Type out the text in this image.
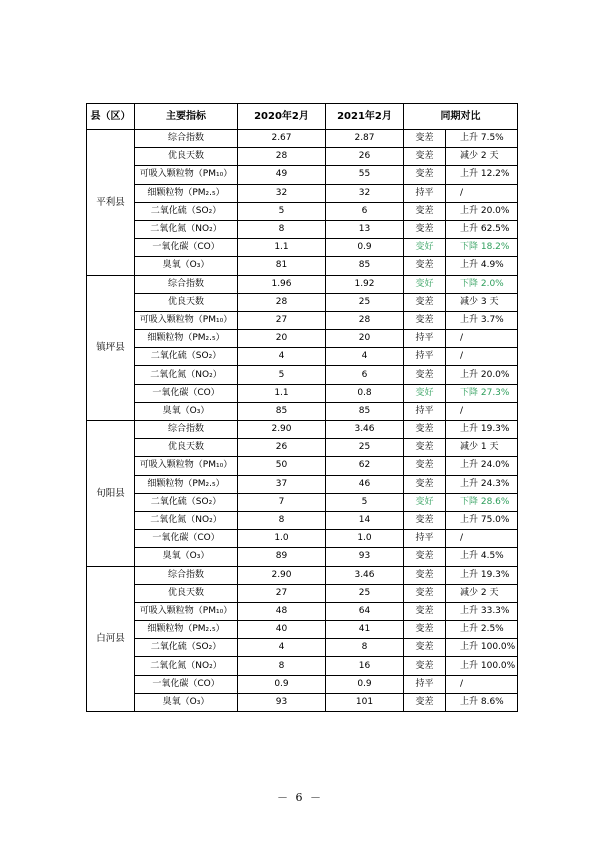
县（区）	主要指标	2020年2月	2021年2月	同期对比	
平利县	综合指数	2.67	2.87	变差	上升 7.5%
	优良天数	28	26	变差	减少 2 天
	可吸入颗粒物（PM₁₀）	49	55	变差	上升 12.2%
	细颗粒物（PM₂.₅）	32	32	持平	/
	二氧化硫（SO₂）	5	6	变差	上升 20.0%
	二氧化氮（NO₂）	8	13	变差	上升 62.5%
	一氧化碳（CO）	1.1	0.9	变好	下降 18.2%
	臭氧（O₃）	81	85	变差	上升 4.9%
镇坪县	综合指数	1.96	1.92	变好	下降 2.0%
	优良天数	28	25	变差	减少 3 天
	可吸入颗粒物（PM₁₀）	27	28	变差	上升 3.7%
	细颗粒物（PM₂.₅）	20	20	持平	/
	二氧化硫（SO₂）	4	4	持平	/
	二氧化氮（NO₂）	5	6	变差	上升 20.0%
	一氧化碳（CO）	1.1	0.8	变好	下降 27.3%
	臭氧（O₃）	85	85	持平	/
旬阳县	综合指数	2.90	3.46	变差	上升 19.3%
	优良天数	26	25	变差	减少 1 天
	可吸入颗粒物（PM₁₀）	50	62	变差	上升 24.0%
	细颗粒物（PM₂.₅）	37	46	变差	上升 24.3%
	二氧化硫（SO₂）	7	5	变好	下降 28.6%
	二氧化氮（NO₂）	8	14	变差	上升 75.0%
	一氧化碳（CO）	1.0	1.0	持平	/
	臭氧（O₃）	89	93	变差	上升 4.5%
白河县	综合指数	2.90	3.46	变差	上升 19.3%
	优良天数	27	25	变差	减少 2 天
	可吸入颗粒物（PM₁₀）	48	64	变差	上升 33.3%
	细颗粒物（PM₂.₅）	40	41	变差	上升 2.5%
	二氧化硫（SO₂）	4	8	变差	上升 100.0%
	二氧化氮（NO₂）	8	16	变差	上升 100.0%
	一氧化碳（CO）	0.9	0.9	持平	/
	臭氧（O₃）	93	101	变差	上升 8.6%
－ 6 －
